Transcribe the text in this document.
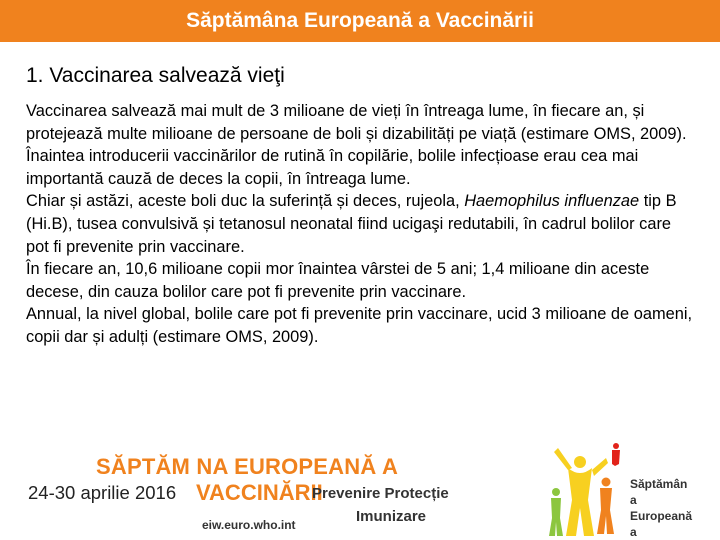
Săptămâna Europeană a Vaccinării
1. Vaccinarea salvează vieţi

Vaccinarea salvează mai mult de 3 milioane de vieți în întreaga lume, în fiecare an, și protejează multe milioane de persoane de boli și dizabilități pe viață (estimare OMS, 2009).

Înaintea introducerii vaccinărilor de rutină în copilărie, bolile infecțioase erau cea mai importantă cauză de deces la copii, în întreaga lume.

Chiar și astăzi, aceste boli duc la suferință și deces, rujeola, Haemophilus influenzae tip B (Hi.B), tusea convulsivă și tetanosul neonatal fiind ucigaşi redutabili, în cadrul bolilor care pot fi prevenite prin vaccinare.

În fiecare an, 10,6 milioane copii mor înaintea vârstei de 5 ani; 1,4 milioane din aceste decese, din cauza bolilor care pot fi prevenite prin vaccinare.

Annual, la nivel global, bolile care pot fi prevenite prin vaccinare, ucid 3 milioane de oameni, copii dar și adulți (estimare OMS, 2009).

SĂPTĂM NA EUROPEANĂ A
24-30 aprilie 2016 VACCINĂRII
Prevenire Protecție
Imunizare
eiw.euro.who.int
Săptămân
a
Europeană
a
